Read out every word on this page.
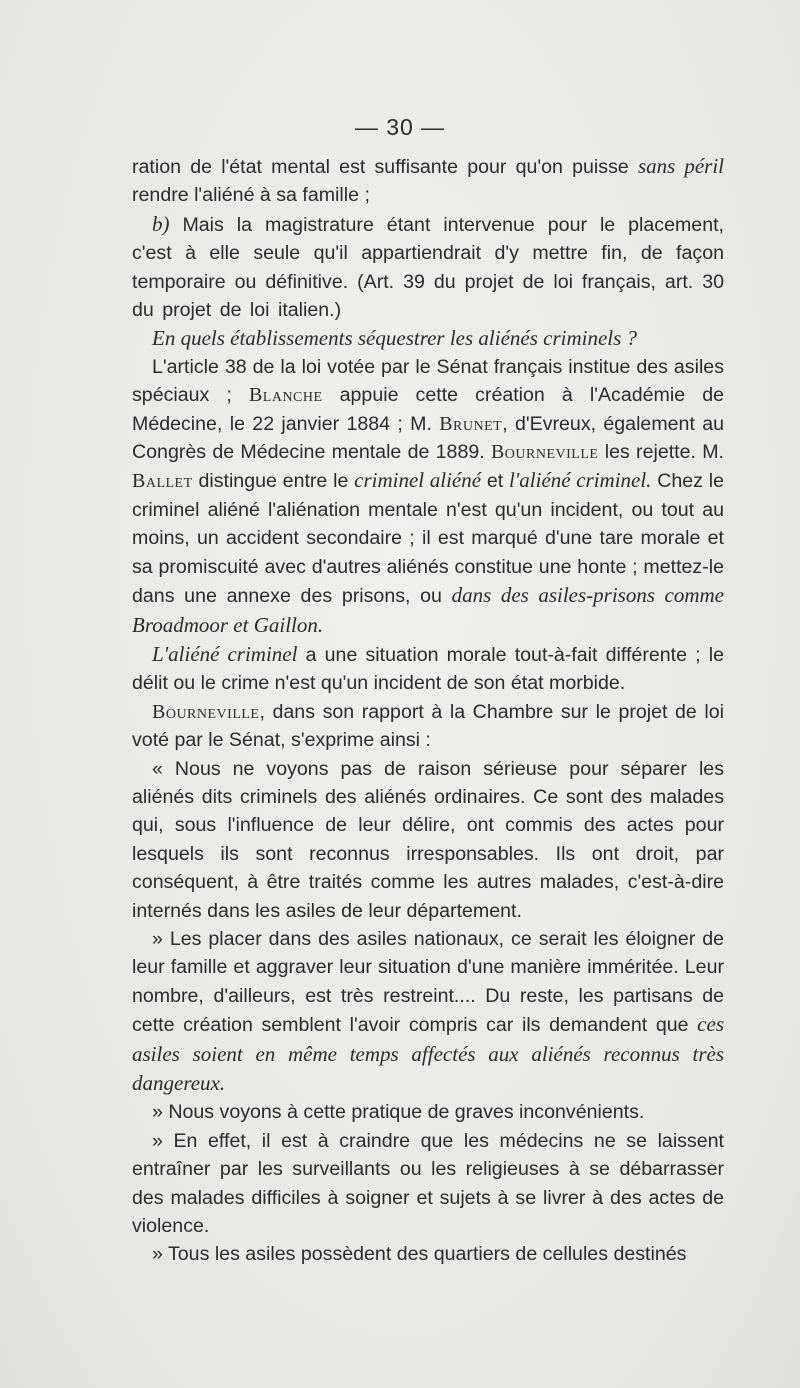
— 30 —

ration de l'état mental est suffisante pour qu'on puisse sans péril rendre l'aliéné à sa famille ;

b) Mais la magistrature étant intervenue pour le placement, c'est à elle seule qu'il appartiendrait d'y mettre fin, de façon temporaire ou définitive. (Art. 39 du projet de loi français, art. 30 du projet de loi italien.)

En quels établissements séquestrer les aliénés criminels ?

L'article 38 de la loi votée par le Sénat français institue des asiles spéciaux ; Blanche appuie cette création à l'Académie de Médecine, le 22 janvier 1884 ; M. Brunet, d'Evreux, également au Congrès de Médecine mentale de 1889. Bourneville les rejette. M. Ballet distingue entre le criminel aliéné et l'aliéné criminel. Chez le criminel aliéné l'aliénation mentale n'est qu'un incident, ou tout au moins, un accident secondaire ; il est marqué d'une tare morale et sa promiscuité avec d'autres aliénés constitue une honte ; mettez-le dans une annexe des prisons, ou dans des asiles-prisons comme Broadmoor et Gaillon.

L'aliéné criminel a une situation morale tout-à-fait différente ; le délit ou le crime n'est qu'un incident de son état morbide.

Bourneville, dans son rapport à la Chambre sur le projet de loi voté par le Sénat, s'exprime ainsi :

« Nous ne voyons pas de raison sérieuse pour séparer les aliénés dits criminels des aliénés ordinaires. Ce sont des malades qui, sous l'influence de leur délire, ont commis des actes pour lesquels ils sont reconnus irresponsables. Ils ont droit, par conséquent, à être traités comme les autres malades, c'est-à-dire internés dans les asiles de leur département.

» Les placer dans des asiles nationaux, ce serait les éloigner de leur famille et aggraver leur situation d'une manière imméritée. Leur nombre, d'ailleurs, est très restreint.... Du reste, les partisans de cette création semblent l'avoir compris car ils demandent que ces asiles soient en même temps affectés aux aliénés reconnus très dangereux.

» Nous voyons à cette pratique de graves inconvénients.

» En effet, il est à craindre que les médecins ne se laissent entraîner par les surveillants ou les religieuses à se débarrasser des malades difficiles à soigner et sujets à se livrer à des actes de violence.

» Tous les asiles possèdent des quartiers de cellules destinés
